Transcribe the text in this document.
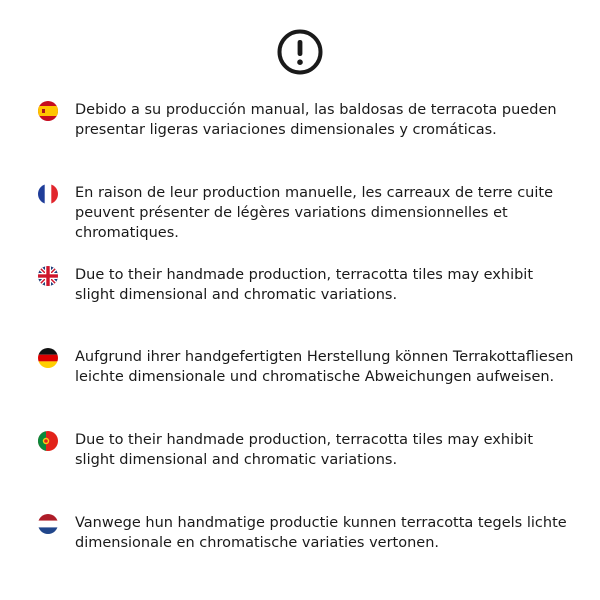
Debido a su producción manual, las baldosas de terracota pueden presentar ligeras variaciones dimensionales y cromáticas.
En raison de leur production manuelle, les carreaux de terre cuite peuvent présenter de légères variations dimensionnelles et chromatiques.
Due to their handmade production, terracotta tiles may exhibit slight dimensional and chromatic variations.
Aufgrund ihrer handgefertigten Herstellung können Terrakottafliesen leichte dimensionale und chromatische Abweichungen aufweisen.
Due to their handmade production, terracotta tiles may exhibit slight dimensional and chromatic variations.
Vanwege hun handmatige productie kunnen terracotta tegels lichte dimensionale en chromatische variaties vertonen.
